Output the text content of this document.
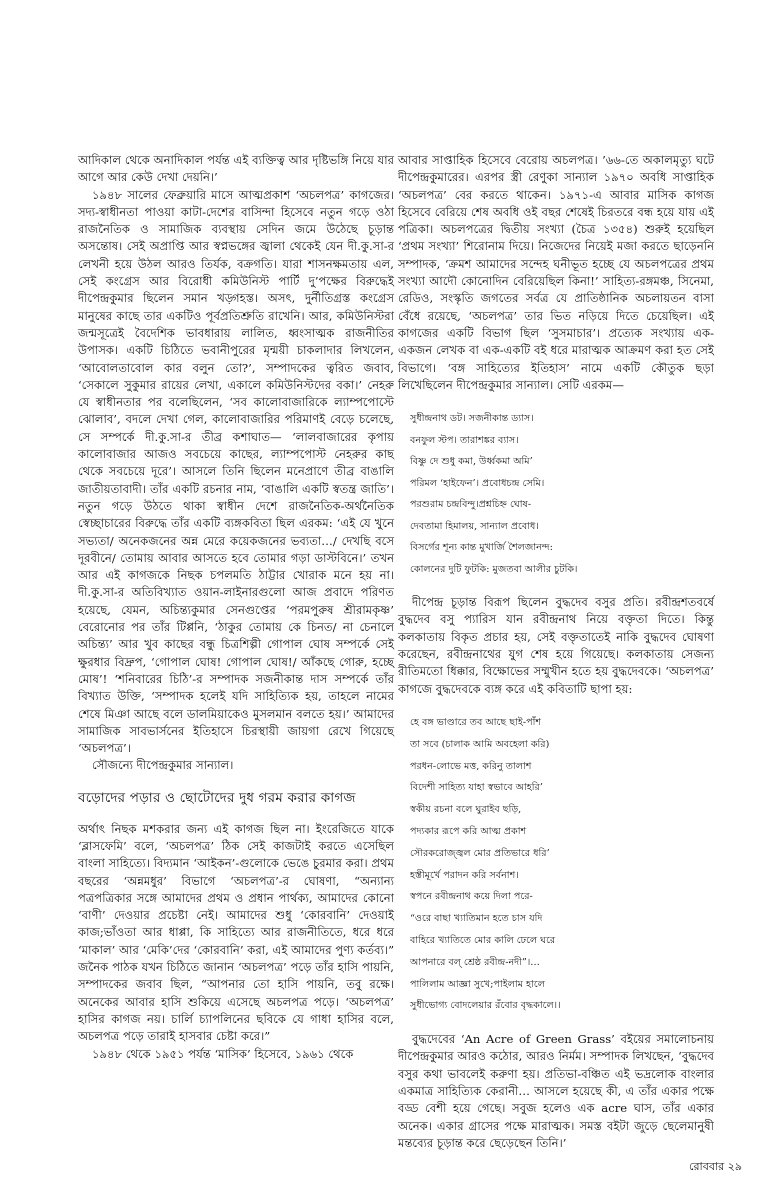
আদিকাল থেকে অনাদিকাল পর্যন্ত এই ব্যক্তিত্ব আর দৃষ্টিভঙ্গি নিয়ে যার আগে আর কেউ দেখা দেয়নি।’

১৯৪৮ সালের ফেব্রুয়ারি মাসে আত্মপ্রকাশ ‘অচলপত্র’ কাগজের। সদ্য-স্বাধীনতা পাওয়া কাটা-দেশের বাসিন্দা হিসেবে নতুন গড়ে ওঠা রাজনৈতিক ও সামাজিক ব্যবস্থায় সেদিন জমে উঠেছে চূড়ান্ত অসন্তোষ। সেই অপ্রাপ্তি আর স্বপ্নভঙ্গের জ্বালা থেকেই যেন দী.কু.সা-র লেখনী হয়ে উঠল আরও তির্যক, বক্রগতি। যারা শাসনক্ষমতায় এল, সেই কংগ্রেস আর বিরোধী কমিউনিস্ট পার্টি দু’পক্ষের বিরুদ্ধেই দীপেন্দ্রকুমার ছিলেন সমান খড়্গহস্ত। অসৎ, দুর্নীতিগ্রস্ত কংগ্রেস মানুষের কাছে তার একটিও পূর্বপ্রতিশ্রুতি রাখেনি। আর, কমিউনিস্টরা জন্মসূত্রেই বৈদেশিক ভাবধারায় লালিত, ধ্বংসাত্মক রাজনীতির উপাসক। একটি চিঠিতে ভবানীপুরের মৃন্ময়ী চাকলাদার লিখলেন, ‘আবোলতাবোল কার বলুন তো?’, সম্পাদকের ত্বরিত জবাব, ‘সেকালে সুকুমার রায়ের লেখা, একালে কমিউনিস্টদের বকা।’ নেহরু যে স্বাধীনতার পর বলেছিলেন, ‘সব কালোবাজারিকে ল্যাম্পপোস্টে ঝোলাব’, বদলে দেখা গেল, কালোবাজারির পরিমাণই বেড়ে চলেছে, সে সম্পর্কে দী.কু.সা-র তীব্র কশাঘাত— ‘লালবাজারের কৃপায় কালোবাজার আজও সবচেয়ে কাছের, ল্যাম্পপোস্ট নেহরুর কাছ থেকে সবচেয়ে দূরে’। আসলে তিনি ছিলেন মনেপ্রাণে তীব্র বাঙালি জাতীয়তাবাদী। তাঁর একটি রচনার নাম, ‘বাঙালি একটি স্বতন্ত্র জাতি’। নতুন গড়ে উঠতে থাকা স্বাধীন দেশে রাজনৈতিক-অর্থনৈতিক স্বেচ্ছাচারের বিরুদ্ধে তাঁর একটি ব্যঙ্গকবিতা ছিল এরকম: ‘এই যে খুনে সভ্যতা/ অনেকজনের অন্ন মেরে কয়েকজনের ভব্যতা…/ দেখছি বসে দূরবীনে/ তোমায় আবার আসতে হবে তোমার গড়া ডাস্টবিনে।’ তখন আর এই কাগজকে নিছক চপলমতি ঠাট্টার খোরাক মনে হয় না। দী.কু.সা-র অতিবিখ্যাত ওয়ান-লাইনারগুলো আজ প্রবাদে পরিণত হয়েছে, যেমন, অচিন্ত্যকুমার সেনগুপ্তের ‘পরমপুরুষ শ্রীরামকৃষ্ণ’ বেরোনোর পর তাঁর টিপ্পনি, ‘ঠাকুর তোমায় কে চিনত/ না চেনালে অচিন্ত্য’ আর খুব কাছের বন্ধু চিত্রশিল্পী গোপাল ঘোষ সম্পর্কে সেই ক্ষুরধার বিদ্রুপ, ‘গোপাল ঘোষ! গোপাল ঘোষ!/ আঁকছে গোরু, হচ্ছে মোষ’! ‘শনিবারের চিঠি’-র সম্পাদক সজনীকান্ত দাস সম্পর্কে তাঁর বিখ্যাত উক্তি, ‘সম্পাদক হলেই যদি সাহিত্যিক হয়, তাহলে নামের শেষে মিঞা আছে বলে ডালমিয়াকেও মুসলমান বলতে হয়।’ আমাদের সামাজিক সাবভার্সনের ইতিহাসে চিরস্থায়ী জায়গা রেখে গিয়েছে ‘অচলপত্র’।

সৌজন্যে দীপেন্দ্রকুমার সান্যাল।

বড়োদের পড়ার ও ছোটোদের দুধ গরম করার কাগজ

অর্থাৎ নিছক মশকরার জন্য এই কাগজ ছিল না। ইংরেজিতে যাকে ‘ব্লাসফেমি’ বলে, ‘অচলপত্র’ ঠিক সেই কাজটাই করতে এসেছিল বাংলা সাহিত্যে। বিদ্যমান ‘আইকন’-গুলোকে ভেঙে চুরমার করা। প্রথম বছরের ‘অন্নমধুর’ বিভাগে ‘অচলপত্র’-র ঘোষণা, “অন্যান্য পত্রপত্রিকার সঙ্গে আমাদের প্রথম ও প্রধান পার্থক্য, আমাদের কোনো ‘বাণী’ দেওয়ার প্রচেষ্টা নেই। আমাদের শুধু ‘কোরবানি’ দেওয়াই কাজ;ভাঁওতা আর ধাপ্পা, কি সাহিত্যে আর রাজনীতিতে, ধরে ধরে ‘মাকাল’ আর ‘মেকি’দের ‘কোরবানি’ করা, এই আমাদের পুণ্য কর্তব্য।” জনৈক পাঠক যখন চিঠিতে জানান ‘অচলপত্র’ পড়ে তাঁর হাসি পায়নি, সম্পাদকের জবাব ছিল, “আপনার তো হাসি পায়নি, তবু রক্ষে। অনেকের আবার হাসি শুকিয়ে এসেছে অচলপত্র পড়ে। ‘অচলপত্র’ হাসির কাগজ নয়। চার্লি চ্যাপলিনের ছবিকে যে গাধা হাসির বলে, অচলপত্র পড়ে তারাই হাসবার চেষ্টা করে।”

১৯৪৮ থেকে ১৯৫১ পর্যন্ত ‘মাসিক’ হিসেবে, ১৯৬১ থেকে

আবার সাপ্তাহিক হিসেবে বেরোয় অচলপত্র। ’৬৬-তে অকালমৃত্যু ঘটে দীপেন্দ্রকুমারের। এরপর স্ত্রী রেণুকা সান্যাল ১৯৭০ অবধি সাপ্তাহিক ‘অচলপত্র’ বের করতে থাকেন। ১৯৭১-এ আবার মাসিক কাগজ হিসেবে বেরিয়ে শেষ অবধি ওই বছর শেষেই চিরতরে বন্ধ হয়ে যায় এই পত্রিকা। অচলপত্রের দ্বিতীয় সংখ্যা (চৈত্র ১৩৫৪) শুরুই হয়েছিল ‘প্রথম সংখ্যা’ শিরোনাম দিয়ে। নিজেদের নিয়েই মজা করতে ছাড়েননি সম্পাদক, ‘ক্রমশ আমাদের সন্দেহ ঘনীভূত হচ্ছে যে অচলপত্রের প্রথম সংখ্যা আদৌ কোনোদিন বেরিয়েছিল কিনা!’ সাহিত্য-রঙ্গমঞ্চ, সিনেমা, রেডিও, সংস্কৃতি জগতের সর্বত্র যে প্রাতিষ্ঠানিক অচলায়তন বাসা বেঁধে রয়েছে, ‘অচলপত্র’ তার ভিত নড়িয়ে দিতে চেয়েছিল। এই কাগজের একটি বিভাগ ছিল ‘সুসমাচার’। প্রত্যেক সংখ্যায় এক-একজন লেখক বা এক-একটি বই ধরে মারাত্মক আক্রমণ করা হত সেই বিভাগে। ‘বঙ্গ সাহিত্যের ইতিহাস’ নামে একটি কৌতুক ছড়া লিখেছিলেন দীপেন্দ্রকুমার সান্যাল। সেটি এরকম—

সুধীন্দ্রনাথ ডট। সজনীকান্ত ড্যাস।
বনফুল স্টপ। তারাশঙ্কর ব্যাস।
বিষ্ণু দে শুধু কমা, উর্ধ্বকমা অমি’
পরিমল ‘হাইফেন’। প্রবোধচন্দ্র সেমি।
পরশুরাম চন্দ্রবিন্দু।প্রশ্নচিহ্ন ঘোষ-
দেবতামা হিমালয়, সান্যাল প্রবোধ।
বিসর্গের শূন্য কান্ত মুখার্জি শৈলজানন্দ:
কোলনের দুটি ফুটকি: মুজতবা আলীর চুটকি।

দীপেন্দ্র চূড়ান্ত বিরূপ ছিলেন বুদ্ধদেব বসুর প্রতি। রবীন্দ্রশতবর্ষে বুদ্ধদেব বসু প্যারিস যান রবীন্দ্রনাথ নিয়ে বক্তৃতা দিতে। কিন্তু কলকাতায় বিকৃত প্রচার হয়, সেই বক্তৃতাতেই নাকি বুদ্ধদেব ঘোষণা করেছেন, রবীন্দ্রনাথের যুগ শেষ হয়ে গিয়েছে। কলকাতায় সেজন্য রীতিমতো ধিক্কার, বিক্ষোভের সম্মুখীন হতে হয় বুদ্ধদেবকে। ‘অচলপত্র’ কাগজে বুদ্ধদেবকে ব্যঙ্গ করে এই কবিতাটি ছাপা হয়:

হে বঙ্গ ভাণ্ডারে তব আছে ছাই-পাঁশ
তা সবে (চালাক আমি অবহেলা করি)
পরধন-লোভে মত্ত, করিনু তালাশ
বিদেশী সাহিত্য যাহা স্বভাবে আহরি’
স্বকীয় রচনা বলে ঘুরাইব ছড়ি,
পদ্যকার রূপে করি আত্ম প্রকাশ
সৌরকরোজ্জ্বল মোর প্রতিভারে ধরি’
হস্তীমূর্খে পরাদন করি সর্বনাশ।
স্বপনে রবীন্দ্রনাথ কয়ে দিলা পরে-
“ওরে বাছা খ্যাতিমান হতে চাস যদি
বাহিরে খ্যাতিতে মোর কালি ঢেলে ঘরে
আপনারে বল্ শ্রেষ্ঠ রবীন্দ্র-নদী”।…
পালিলাম আজ্ঞা সুখে;পাইলাম হালে
সুধীভোগ্য বোদলেয়ার রঁবোর বৃদ্ধকালে।।

বুদ্ধদেবের ‘An Acre of Green Grass’ বইয়ের সমালোচনায় দীপেন্দ্রকুমার আরও কঠোর, আরও নির্মম। সম্পাদক লিখছেন, ‘বুদ্ধদেব বসুর কথা ভাবলেই করুণা হয়। প্রতিভা-বঞ্চিত এই ভদ্রলোক বাংলার একমাত্র সাহিত্যিক কেরানী… আসলে হয়েছে কী, এ তাঁর একার পক্ষে বড্ড বেশী হয়ে গেছে। সবুজ হলেও এক acre ঘাস, তাঁর একার অনেক। একার গ্রাসের পক্ষে মারাত্মক। সমস্ত বইটা জুড়ে ছেলেমানুষী মন্তব্যের চূড়ান্ত করে ছেড়েছেন তিনি।’

রোববার ২৯
